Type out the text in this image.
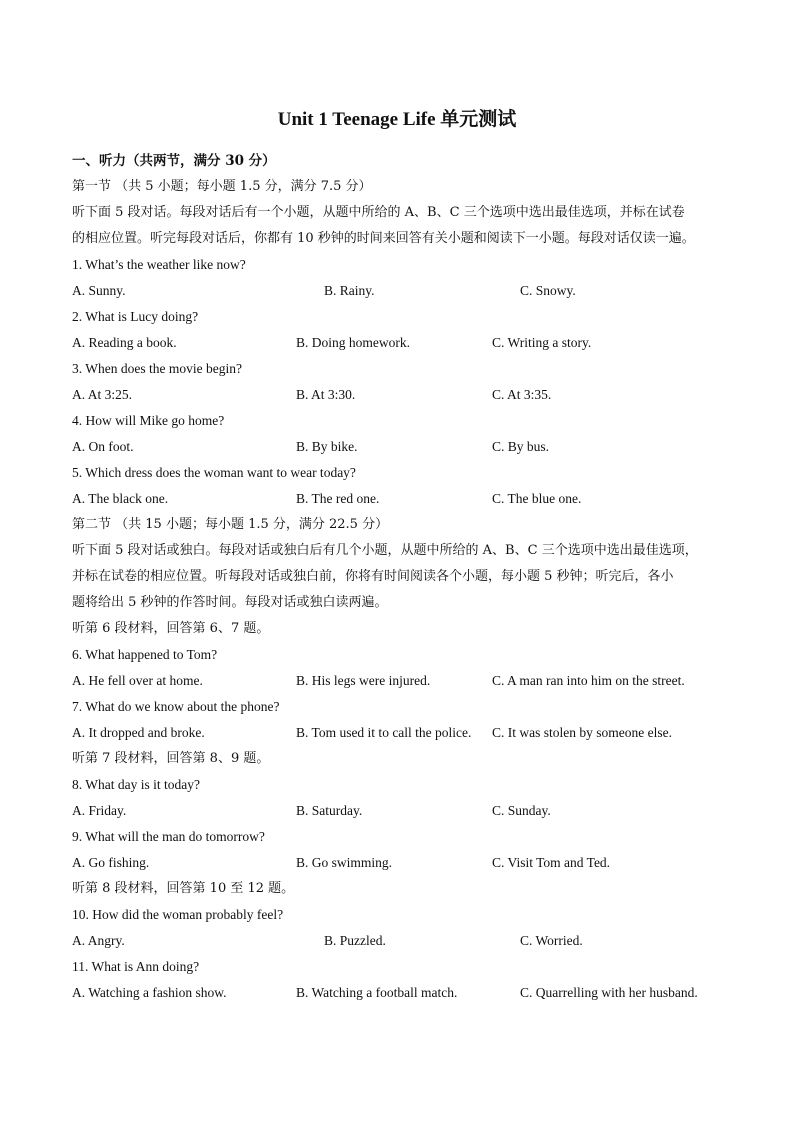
Unit 1 Teenage Life 单元测试
一、听力（共两节，满分 30 分）
第一节 （共 5 小题；每小题 1.5 分，满分 7.5 分）
听下面 5 段对话。每段对话后有一个小题，从题中所给的 A、B、C 三个选项中选出最佳选项，并标在试卷
的相应位置。听完每段对话后，你都有 10 秒钟的时间来回答有关小题和阅读下一小题。每段对话仅读一遍。
1. What’s the weather like now?
A. Sunny.	B. Rainy.	C. Snowy.
2. What is Lucy doing?
A. Reading a book.	B. Doing homework.	C. Writing a story.
3. When does the movie begin?
A. At 3:25.	B. At 3:30.	C. At 3:35.
4. How will Mike go home?
A. On foot.	B. By bike.	C. By bus.
5. Which dress does the woman want to wear today?
A. The black one.	B. The red one.	C. The blue one.
第二节 （共 15 小题；每小题 1.5 分，满分 22.5 分）
听下面 5 段对话或独白。每段对话或独白后有几个小题，从题中所给的 A、B、C 三个选项中选出最佳选项，
并标在试卷的相应位置。听每段对话或独白前，你将有时间阅读各个小题，每小题 5 秒钟；听完后，各小
题将给出 5 秒钟的作答时间。每段对话或独白读两遍。
听第 6 段材料，回答第 6、7 题。
6. What happened to Tom?
A. He fell over at home.	B. His legs were injured.	C. A man ran into him on the street.
7. What do we know about the phone?
A. It dropped and broke.	B. Tom used it to call the police. C. It was stolen by someone else.
听第 7 段材料，回答第 8、9 题。
8. What day is it today?
A. Friday.	B. Saturday.	C. Sunday.
9. What will the man do tomorrow?
A. Go fishing.	B. Go swimming.	C. Visit Tom and Ted.
听第 8 段材料，回答第 10 至 12 题。
10. How did the woman probably feel?
A. Angry.	B. Puzzled.	C. Worried.
11. What is Ann doing?
A. Watching a fashion show.	B. Watching a football match.	C. Quarrelling with her husband.
